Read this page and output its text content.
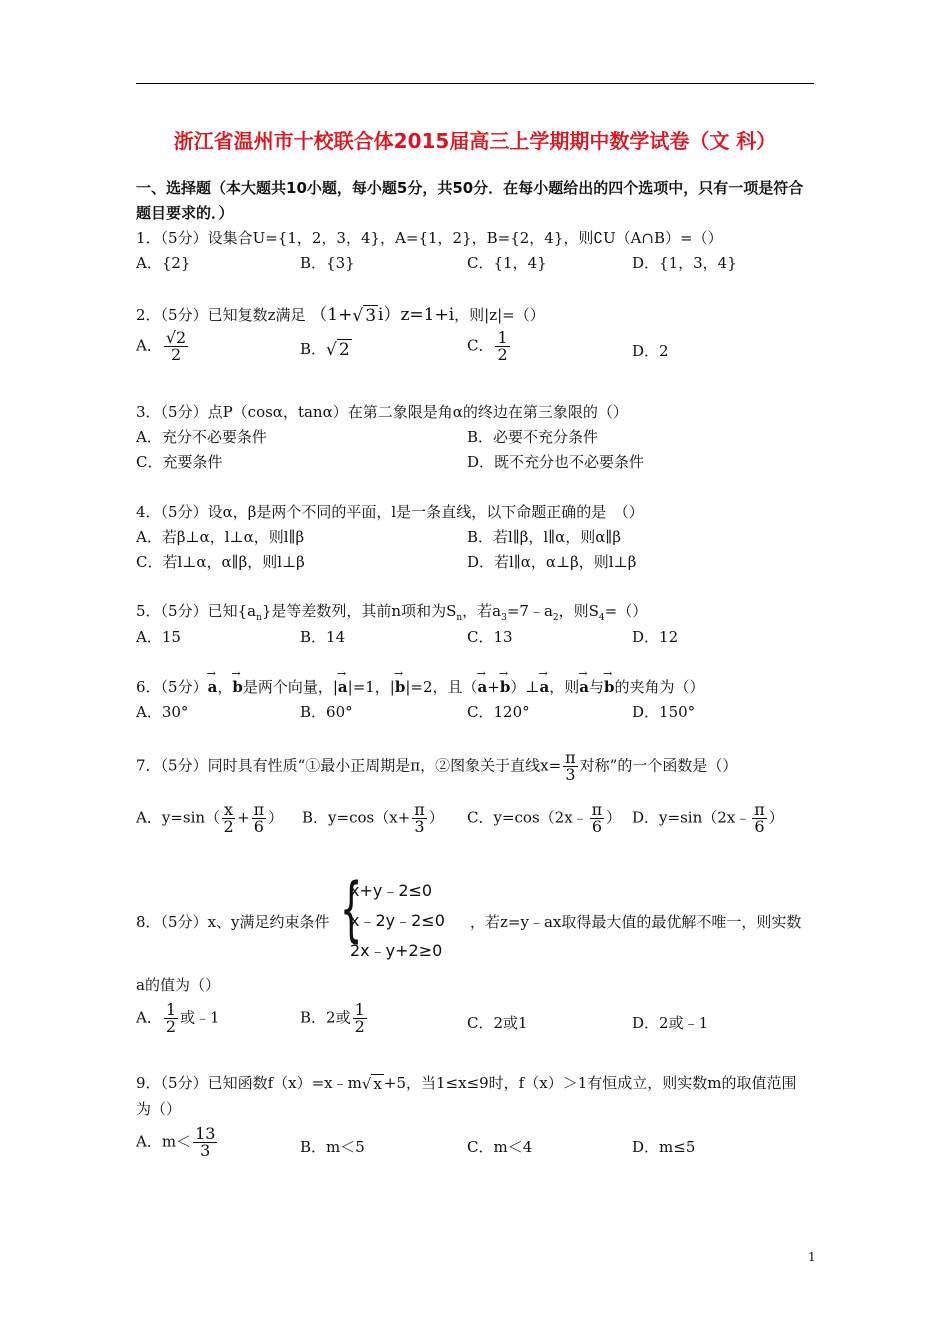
浙江省温州市十校联合体2015届高三上学期期中数学试卷（文 科）
一、选择题（本大题共10小题，每小题5分，共50分．在每小题给出的四个选项中，只有一项是符合题目要求的．）
1．（5分）设集合U={1，2，3，4}，A={1，2}，B={2，4}，则∁U（A∩B）=（）
A．{2}	B．{3}	C．{1，4}	D．{1，3，4}
2．（5分）已知复数z满足 （1+√ 3 i）z=1+i，则|z|=（）
A． $\frac{√2}{2}$	B．√ 2	C． $\frac{1}{2}$	D．2
3．（5分）点P（cosα，tanα）在第二象限是角α的终边在第三象限的（）
A．充分不必要条件	B．必要不充分条件
C．充要条件	D．既不充分也不必要条件
4．（5分）设α，β是两个不同的平面，l是一条直线，以下命题正确的是　（）
A．若β⊥α，l⊥α，则l∥β	B．若l∥β，l∥α，则α∥β
C．若l⊥α，α∥β，则l⊥β	D．若l∥α，α⊥β，则l⊥β
5．（5分）已知$\{a_n\}$是等差数列，其前n项和为$S_n$，若$a_3=7﹣a_2$，则$S_4=()$
A．15	B．14	C．13	D．12
6．（5分）→ a，→ b是两个向量，|→ a|=1，|→ b|=2，且（→ a+→ b）⊥→ a，则→ a与→ b的夹角为（）
A．30°	B．60°	C．120°	D．150°
7．（5分）同时具有性质“①最小正周期是π，②图象关于直线$x= \frac{\pi}{3}$ 对称”的一个函数是（）
A．$y=\sin( \frac{x}{2} + \frac{\pi}{6}$ ） B．$y=\cos(x+ \frac{\pi}{3}$ ） C．y=cos（2x﹣ $\frac{\pi}{6}$ ） D．y=sin（2x﹣ $\frac{\pi}{6}$ ）
{
x+y﹣2≤0
x﹣2y﹣2≤0
2x﹣y+2≥0
8．（5分）x、y满足约束条件	，若z=y﹣ax取得最大值的最优解不唯一，则实数
a的值为（）
A． $\frac{1}{2}$ 或﹣1	B．2或 $\frac{1}{2}$	C．2或1	D．2或﹣1
9．（5分）已知函数f（x）=x﹣m√ x +5，当1≤x≤9时，f（x）＞1有恒成立，则实数m的取值范围
为（）
A．$m< \frac{13}{3}$	B．m＜5	C．m＜4	D．m≤5
1
